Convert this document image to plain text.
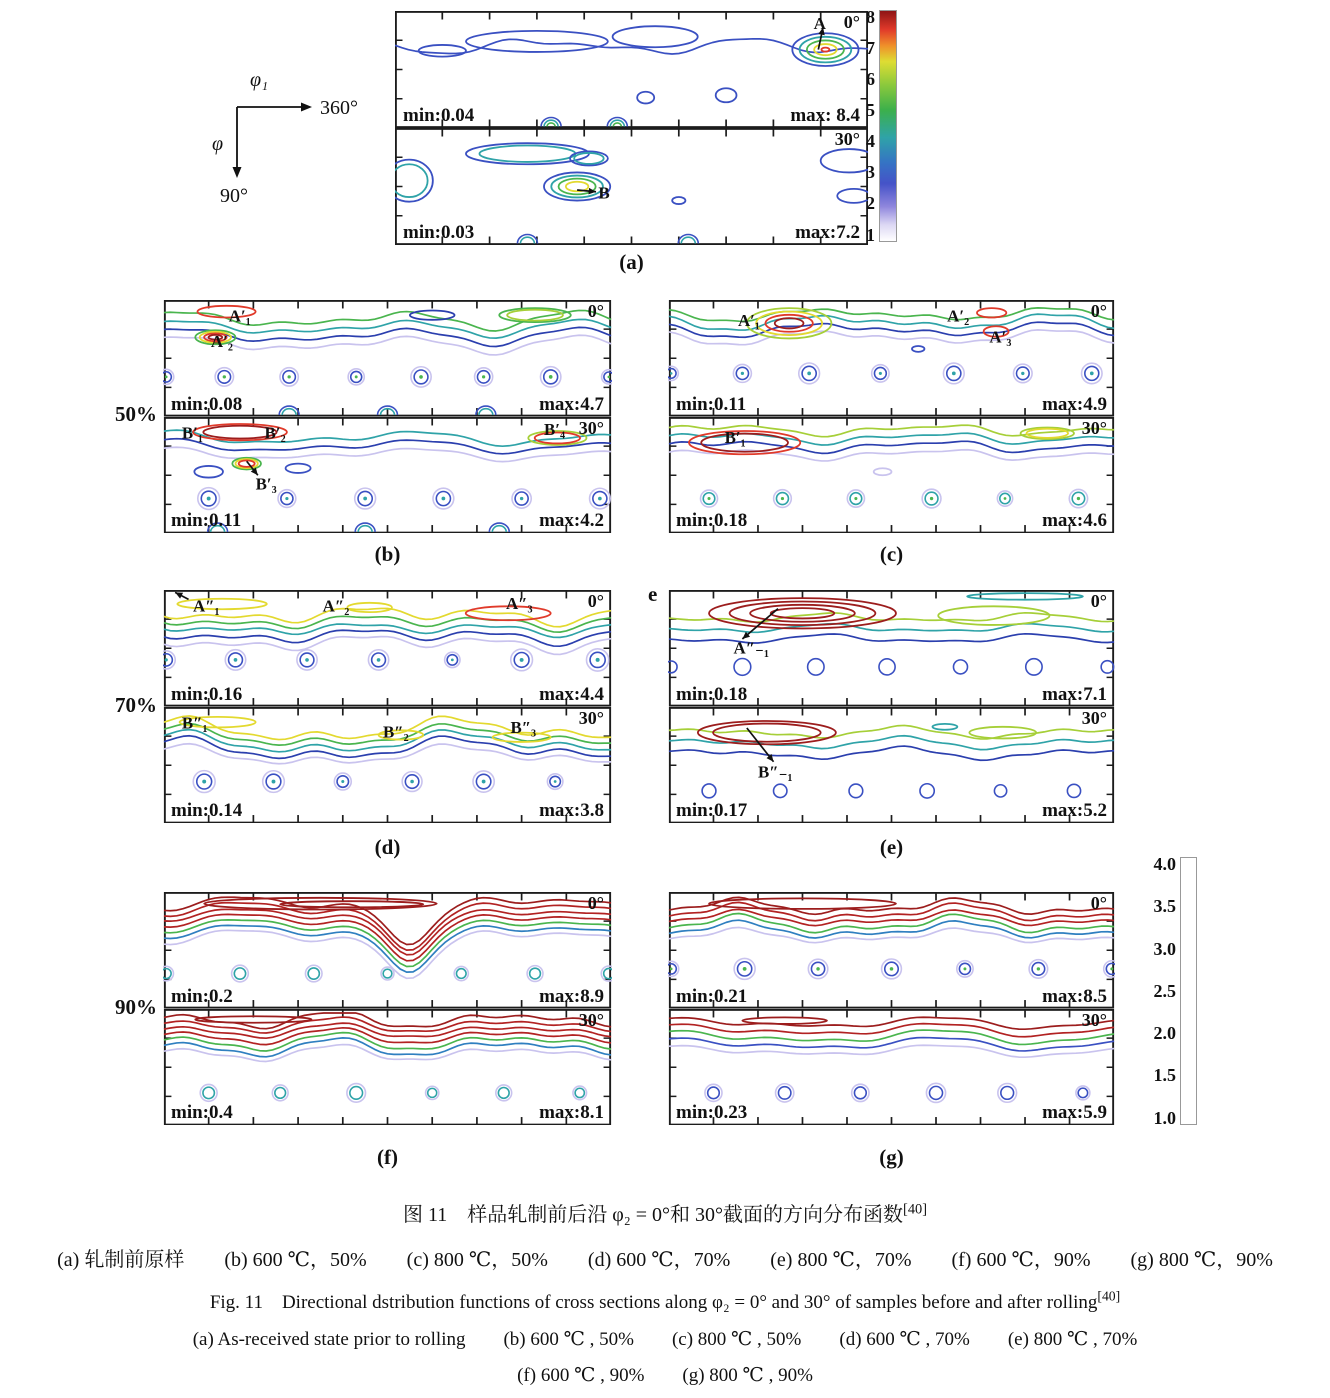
φ₁
360°
φ
90°
A 0°
min:0.04	max: 8.4
B
30°
min:0.03	max:7.2
(a)
8
7
6
5
4
3
2
1
50%
70%
90%
A′₁
A′₂
0°
min:0.08	max:4.7
B′₁	B′₂
B′₃
B′₄ 30°
min:0.11	max:4.2
(b)
A′₁	A′₂
A′₃
0°
min:0.11	max:4.9
B′₁	30°
min:0.18	max:4.6
(c)
A″₁	A″₂	A″₃	0°
min:0.16	max:4.4
B″₁	B″₂	B″₃ 30°
min:0.14	max:3.8
(d)
e
A″₋₁
0°
min:0.18	max:7.1
B″₋₁
30°
min:0.17	max:5.2
(e)
0°
min:0.2	max:8.9
30°
min:0.4	max:8.1
(f)
0°
min:0.21	max:8.5
30°
min:0.23	max:5.9
(g)
4.0
3.5
3.0
2.5
2.0
1.5
1.0
图 11　样品轧制前后沿 φ₂ = 0°和 30°截面的方向分布函数[40]
(a) 轧制前原样　　(b) 600 ℃，50%　　(c) 800 ℃，50%　　(d) 600 ℃，70%　　(e) 800 ℃，70%　　(f) 600 ℃，90%　　(g) 800 ℃，90%
Fig. 11　Directional dstribution functions of cross sections along φ₂ = 0° and 30° of samples before and after rolling[40]
(a) As-received state prior to rolling　　(b) 600 ℃ , 50%　　(c) 800 ℃ , 50%　　(d) 600 ℃ , 70%　　(e) 800 ℃ , 70%
(f) 600 ℃ , 90%　　(g) 800 ℃ , 90%
